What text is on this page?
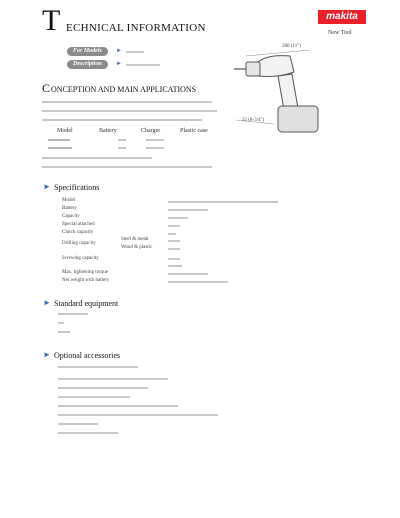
T ECHNICAL INFORMATION
makita
New Tool
For Models	►
Description	►
C ONCEPTION AND MAIN APPLICATIONS
280 (11")
22 (8-3/4")
Model	Battery	Charger	Plastic case
► Specifications
Model
Battery
Capacity
Special attached
Clutch capacity
Drilling capacity
Steel & metal
Wood & plastic
Screwing capacity
Max. tightening torque
Net weight with battery
► Standard equipment
► Optional accessories
